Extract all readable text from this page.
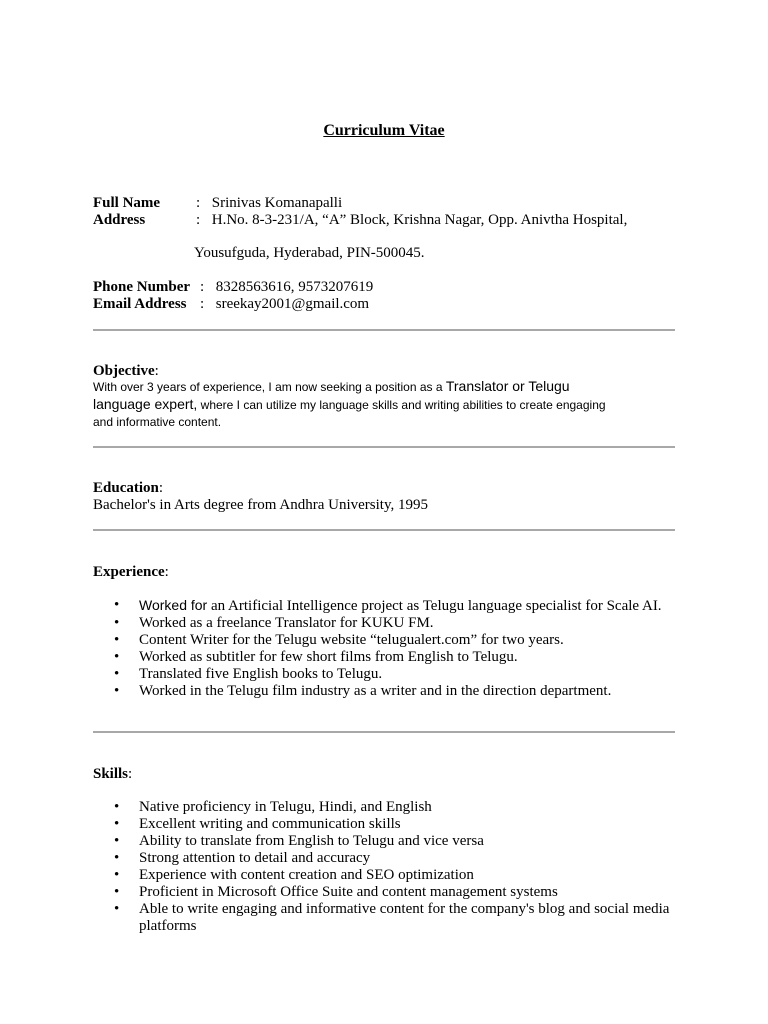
Curriculum Vitae
Full Name : Srinivas Komanapalli
Address	: H.No. 8-3-231/A, “A” Block, Krishna Nagar, Opp. Anivtha Hospital,
Yousufguda, Hyderabad, PIN-500045.
Phone Number : 8328563616, 9573207619
Email Address : sreekay2001@gmail.com
Objective:
With over 3 years of experience, I am now seeking a position as a Translator or Telugu
language expert, where I can utilize my language skills and writing abilities to create engaging
and informative content.
Education:
Bachelor's in Arts degree from Andhra University, 1995
Experience:
• Worked for an Artificial Intelligence project as Telugu language specialist for Scale AI.
• Worked as a freelance Translator for KUKU FM.
• Content Writer for the Telugu website “telugualert.com” for two years.
• Worked as subtitler for few short films from English to Telugu.
• Translated five English books to Telugu.
• Worked in the Telugu film industry as a writer and in the direction department.
Skills:
• Native proficiency in Telugu, Hindi, and English
• Excellent writing and communication skills
• Ability to translate from English to Telugu and vice versa
• Strong attention to detail and accuracy
• Experience with content creation and SEO optimization
• Proficient in Microsoft Office Suite and content management systems
• Able to write engaging and informative content for the company's blog and social media platforms
